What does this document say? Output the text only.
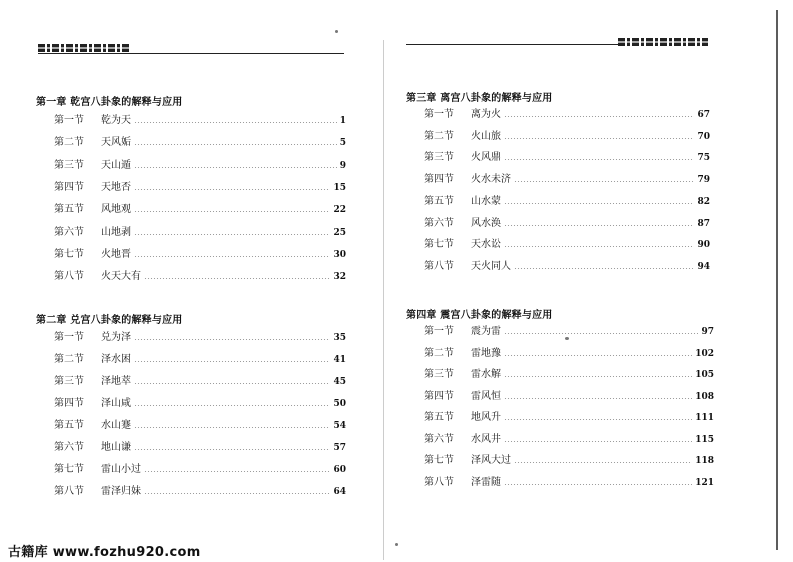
第一章 乾宫八卦象的解释与应用
第一节	乾为天	1
第二节	天风姤	5
第三节	天山遁	9
第四节	天地否	15
第五节	风地观	22
第六节	山地剥	25
第七节	火地晋	30
第八节	火天大有	32
第二章 兑宫八卦象的解释与应用
第一节	兑为泽	35
第二节	泽水困	41
第三节	泽地萃	45
第四节	泽山咸	50
第五节	水山蹇	54
第六节	地山谦	57
第七节	雷山小过	60
第八节	雷泽归妹	64
第三章 离宫八卦象的解释与应用
第一节	离为火	67
第二节	火山旅	70
第三节	火风鼎	75
第四节	火水未济	79
第五节	山水蒙	82
第六节	风水涣	87
第七节	天水讼	90
第八节	天火同人	94
第四章 震宫八卦象的解释与应用
第一节	震为雷	97
第二节	雷地豫	102
第三节	雷水解	105
第四节	雷风恒	108
第五节	地风升	111
第六节	水风井	115
第七节	泽风大过	118
第八节	泽雷随	121
古籍库 www.fozhu920.com
